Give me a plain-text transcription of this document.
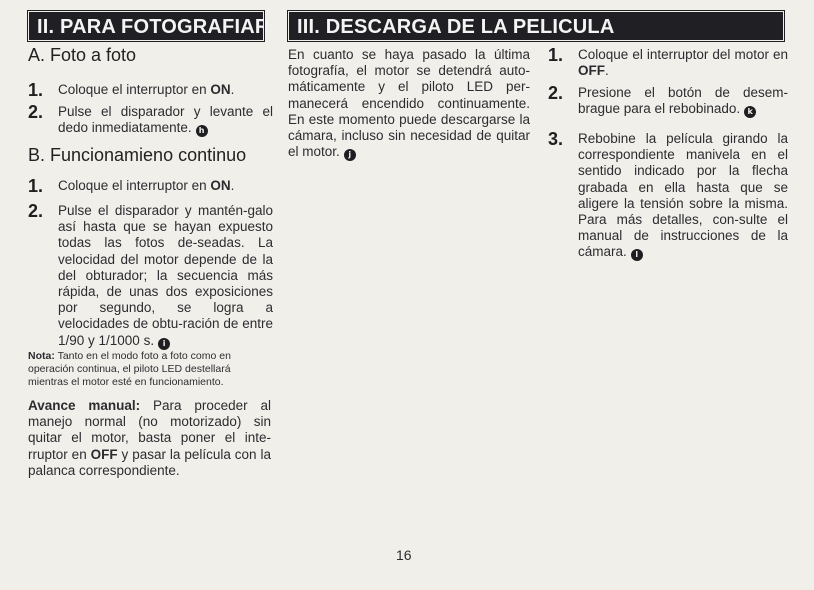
II. PARA FOTOGRAFIAR
A. Foto a foto
1.	Coloque el interruptor en ON.
2.	Pulse el disparador y levante el dedo inmediatamente. h
B. Funcionamieno continuo
1.	Coloque el interruptor en ON.
2.	Pulse el disparador y mantén-galo así hasta que se hayan expuesto todas las fotos de-seadas. La velocidad del motor depende de la del obturador; la secuencia más rápida, de unas dos exposiciones por segundo, se logra a velocidades de obtu-ración de entre 1/90 y 1/1000 s. i
Nota: Tanto en el modo foto a foto como en operación continua, el piloto LED destellará mientras el motor esté en funcionamiento.
Avance manual: Para proceder al manejo normal (no motorizado) sin quitar el motor, basta poner el inte-rruptor en OFF y pasar la película con la palanca correspondiente.
III. DESCARGA DE LA PELICULA
En cuanto se haya pasado la última fotografía, el motor se detendrá auto-máticamente y el piloto LED per-manecerá encendido continuamente. En este momento puede descargarse la cámara, incluso sin necesidad de quitar el motor. j
1.	Coloque el interruptor del motor en OFF.
2.	Presione el botón de desem-brague para el rebobinado. k
3.	Rebobine la película girando la correspondiente manivela en el sentido indicado por la flecha grabada en ella hasta que se aligere la tensión sobre la misma. Para más detalles, con-sulte el manual de instrucciones de la cámara. l
16
